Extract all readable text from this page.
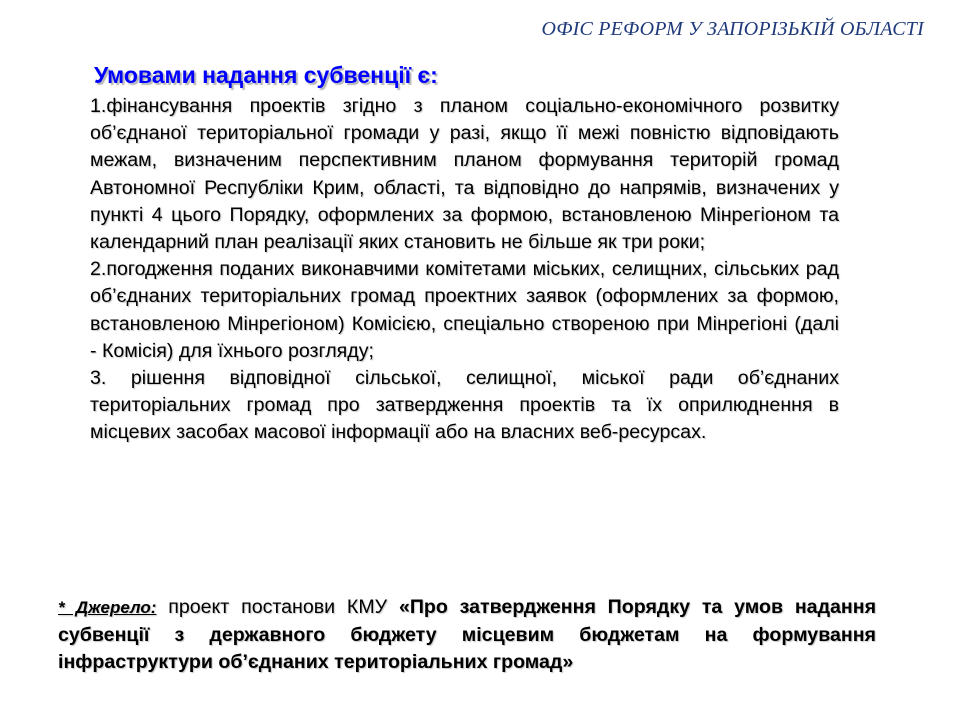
ОФІС РЕФОРМ У ЗАПОРІЗЬКІЙ ОБЛАСТІ
Умовами надання субвенції є:
1.фінансування проектів згідно з планом соціально-економічного розвитку об’єднаної територіальної громади у разі, якщо її межі повністю відповідають межам, визначеним перспективним планом формування територій громад Автономної Республіки Крим, області, та відповідно до напрямів, визначених у пункті 4 цього Порядку, оформлених за формою, встановленою Мінрегіоном та календарний план реалізації яких становить не більше як три роки;
2.погодження поданих виконавчими комітетами міських, селищних, сільських рад об’єднаних територіальних громад проектних заявок (оформлених за формою, встановленою Мінрегіоном) Комісією, спеціально створеною при Мінрегіоні (далі - Комісія) для їхнього розгляду;
3. рішення відповідної сільської, селищної, міської ради об’єднаних територіальних громад про затвердження проектів та їх оприлюднення в місцевих засобах масової інформації або на власних веб-ресурсах.
* Джерело: проект постанови КМУ «Про затвердження Порядку та умов надання субвенції з державного бюджету місцевим бюджетам на формування інфраструктури об’єднаних територіальних громад»
